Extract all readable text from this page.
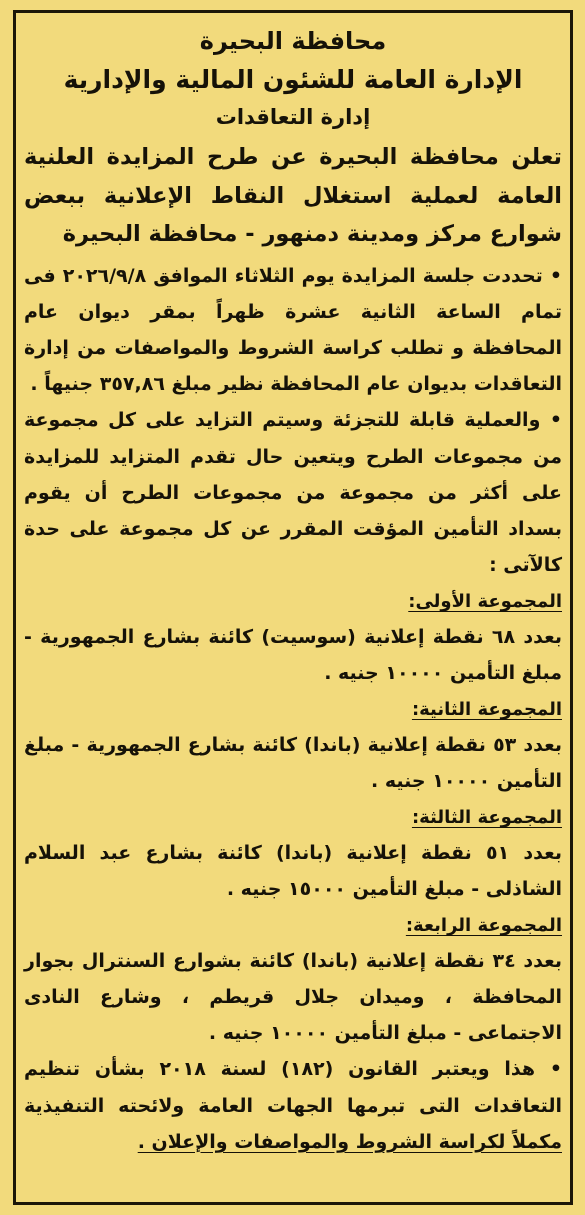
محافظة البحيرة
الإدارة العامة للشئون المالية والإدارية
إدارة التعاقدات
تعلن محافظة البحيرة عن طرح المزايدة العلنية العامة لعملية استغلال النقاط الإعلانية ببعض شوارع مركز ومدينة دمنهور - محافظة البحيرة
• تحددت جلسة المزايدة يوم الثلاثاء الموافق ٢٠٢٦/٩/٨ فى تمام الساعة الثانية عشرة ظهراً بمقر ديوان عام المحافظة و تطلب كراسة الشروط والمواصفات من إدارة التعاقدات بديوان عام المحافظة نظير مبلغ ٣٥٧,٨٦ جنيهاً .
• والعملية قابلة للتجزئة وسيتم التزايد على كل مجموعة من مجموعات الطرح ويتعين حال تقدم المتزايد للمزايدة على أكثر من مجموعة من مجموعات الطرح أن يقوم بسداد التأمين المؤقت المقرر عن كل مجموعة على حدة كالآتى :
المجموعة الأولى:
بعدد ٦٨ نقطة إعلانية (سوسيت) كائنة بشارع الجمهورية - مبلغ التأمين ١٠٠٠٠ جنيه .
المجموعة الثانية:
بعدد ٥٣ نقطة إعلانية (باندا) كائنة بشارع الجمهورية - مبلغ التأمين ١٠٠٠٠ جنيه .
المجموعة الثالثة:
بعدد ٥١ نقطة إعلانية (باندا) كائنة بشارع عبد السلام الشاذلى - مبلغ التأمين ١٥٠٠٠ جنيه .
المجموعة الرابعة:
بعدد ٣٤ نقطة إعلانية (باندا) كائنة بشوارع السنترال بجوار المحافظة ، وميدان جلال قريطم ، وشارع النادى الاجتماعى - مبلغ التأمين ١٠٠٠٠ جنيه .
• هذا ويعتبر القانون (١٨٢) لسنة ٢٠١٨ بشأن تنظيم التعاقدات التى تبرمها الجهات العامة ولائحته التنفيذية مكملاً لكراسة الشروط والمواصفات والإعلان .
